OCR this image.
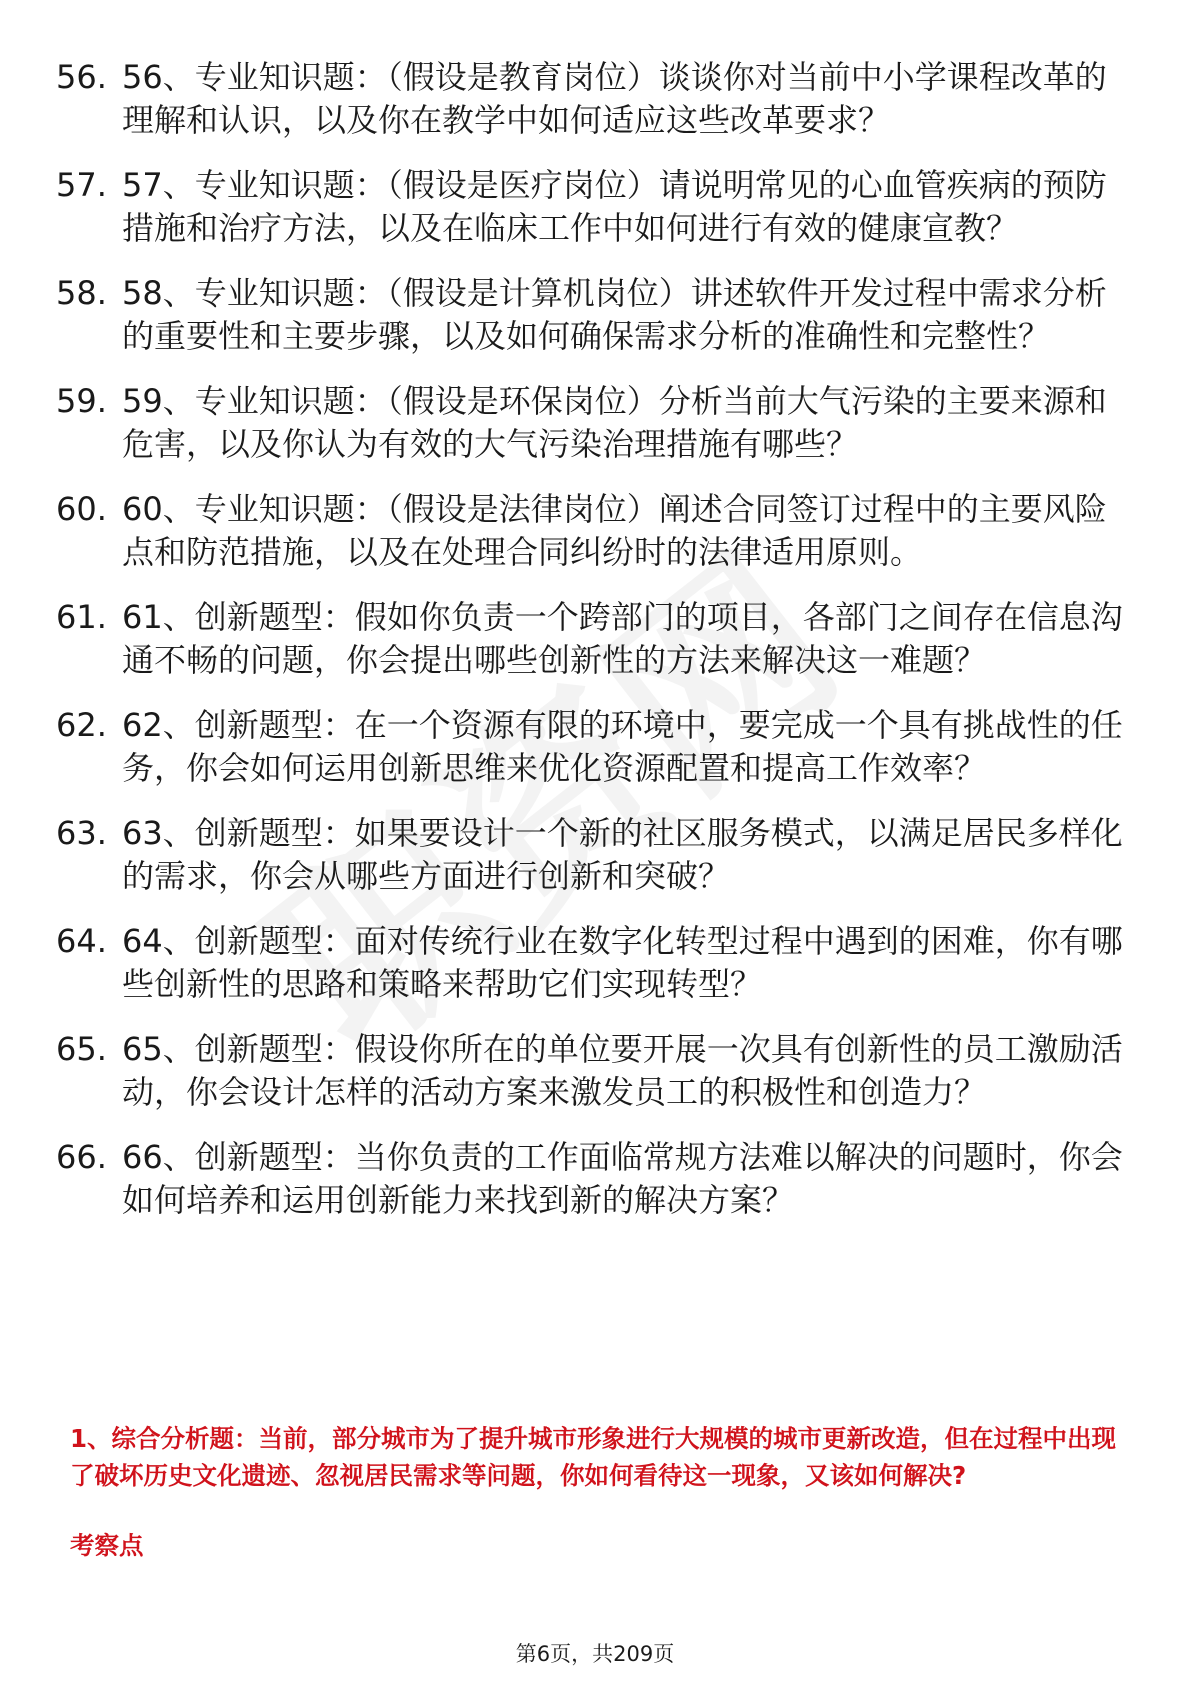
56. 56、专业知识题：（假设是教育岗位）谈谈你对当前中小学课程改革的理解和认识，以及你在教学中如何适应这些改革要求？
57. 57、专业知识题：（假设是医疗岗位）请说明常见的心血管疾病的预防措施和治疗方法，以及在临床工作中如何进行有效的健康宣教？
58. 58、专业知识题：（假设是计算机岗位）讲述软件开发过程中需求分析的重要性和主要步骤，以及如何确保需求分析的准确性和完整性？
59. 59、专业知识题：（假设是环保岗位）分析当前大气污染的主要来源和危害，以及你认为有效的大气污染治理措施有哪些？
60. 60、专业知识题：（假设是法律岗位）阐述合同签订过程中的主要风险点和防范措施，以及在处理合同纠纷时的法律适用原则。
61. 61、创新题型：假如你负责一个跨部门的项目，各部门之间存在信息沟通不畅的问题，你会提出哪些创新性的方法来解决这一难题？
62. 62、创新题型：在一个资源有限的环境中，要完成一个具有挑战性的任务，你会如何运用创新思维来优化资源配置和提高工作效率？
63. 63、创新题型：如果要设计一个新的社区服务模式，以满足居民多样化的需求，你会从哪些方面进行创新和突破？
64. 64、创新题型：面对传统行业在数字化转型过程中遇到的困难，你有哪些创新性的思路和策略来帮助它们实现转型？
65. 65、创新题型：假设你所在的单位要开展一次具有创新性的员工激励活动，你会设计怎样的活动方案来激发员工的积极性和创造力？
66. 66、创新题型：当你负责的工作面临常规方法难以解决的问题时，你会如何培养和运用创新能力来找到新的解决方案？

1、综合分析题：当前，部分城市为了提升城市形象进行大规模的城市更新改造，但在过程中出现了破坏历史文化遗迹、忽视居民需求等问题，你如何看待这一现象，又该如何解决?

考察点

第6页，共209页
